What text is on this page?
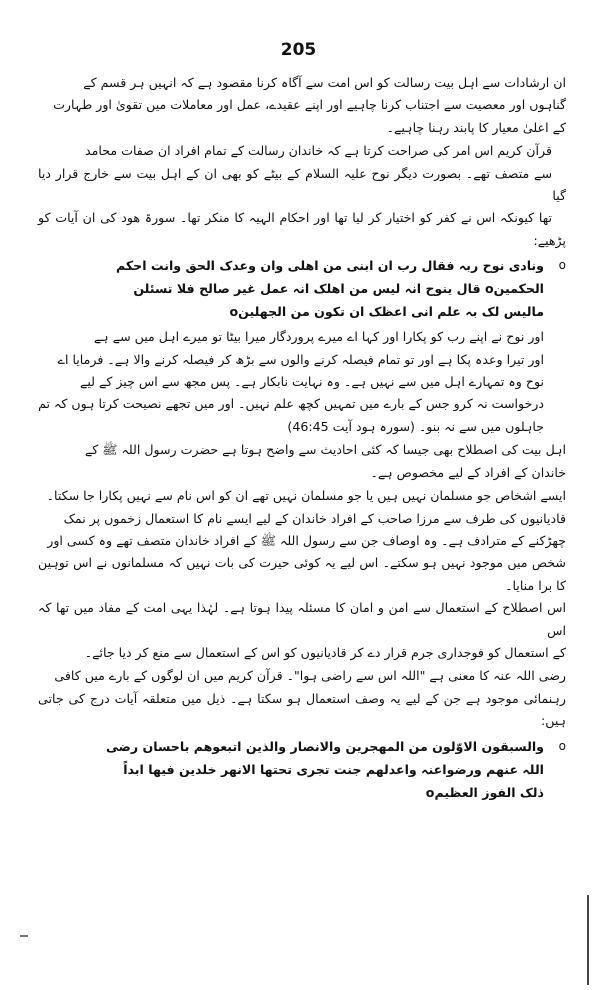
205
ان ارشادات سے اہل بیت رسالت کو اس امت سے آگاہ کرنا مقصود ہے کہ انہیں ہر قسم کے
گناہوں اور معصیت سے اجتناب کرنا چاہیے اور اپنے عقیدے، عمل اور معاملات میں تقویٰ اور طہارت
کے اعلیٰ معیار کا پابند رہنا چاہیے۔
قرآن کریم اس امر کی صراحت کرتا ہے کہ خاندان رسالت کے تمام افراد ان صفات محامد
سے متصف تھے۔ بصورت دیگر نوح علیہ السلام کے بیٹے کو بھی ان کے اہل بیت سے خارج قرار دیا گیا
تھا کیونکہ اس نے کفر کو اختیار کر لیا تھا اور احکام الہیہ کا منکر تھا۔ سورۃ ھود کی ان آیات کو پڑھیے:
o
ونادی نوح ربہ فقال رب ان ابنی من اھلی وان وعدک الحق وانت احکم
الحکمینo قال ینوح انہ لیس من اھلک انہ عمل غیر صالح فلا تسئلن
مالیس لک بہ علم انی اعظک ان تکون من الجھلینo
اور نوح نے اپنے رب کو پکارا اور کہا اے میرے پروردگار میرا بیٹا تو میرے اہل میں سے ہے
اور تیرا وعدہ پکا ہے اور تو تمام فیصلہ کرنے والوں سے بڑھ کر فیصلہ کرنے والا ہے۔ فرمایا اے
نوح وہ تمہارے اہل میں سے نہیں ہے۔ وہ نہایت نابکار ہے۔ پس مجھ سے اس چیز کے لیے
درخواست نہ کرو جس کے بارے میں تمہیں کچھ علم نہیں۔ اور میں تجھے نصیحت کرتا ہوں کہ تم
جاہلوں میں سے نہ بنو۔ (سورہ ہود آیت 46:45)
اہل بیت کی اصطلاح بھی جیسا کہ کئی احادیث سے واضح ہوتا ہے حضرت رسول اللہ ﷺ کے
خاندان کے افراد کے لیے مخصوص ہے۔
ایسے اشخاص جو مسلمان نہیں ہیں یا جو مسلمان نہیں تھے ان کو اس نام سے نہیں پکارا جا سکتا۔
قادیانیوں کی طرف سے مرزا صاحب کے افراد خاندان کے لیے ایسے نام کا استعمال زخموں پر نمک
چھڑکنے کے مترادف ہے۔ وہ اوصاف جن سے رسول اللہ ﷺ کے افراد خاندان متصف تھے وہ کسی اور
شخص میں موجود نہیں ہو سکتے۔ اس لیے یہ کوئی حیرت کی بات نہیں کہ مسلمانوں نے اس توہین کا برا منایا۔
اس اصطلاح کے استعمال سے امن و امان کا مسئلہ پیدا ہوتا ہے۔ لہٰذا یہی امت کے مفاد میں تھا کہ اس
کے استعمال کو فوجداری جرم قرار دے کر قادیانیوں کو اس کے استعمال سے منع کر دیا جائے۔
رضی اللہ عنہ کا معنی ہے "اللہ اس سے راضی ہوا"۔ قرآن کریم میں ان لوگوں کے بارے میں کافی
رہنمائی موجود ہے جن کے لیے یہ وصف استعمال ہو سکتا ہے۔ ذیل میں متعلقہ آیات درج کی جاتی ہیں:
o
والسبقون الاوّلون من المھجرین والانصار والذین اتبعوھم باحسان رضی
اللہ عنھم ورضواعنہ واعدلھم جنت تجری تحتھا الانھر خلدین فیھا ابداً
ذلک الفوز العظیمo
